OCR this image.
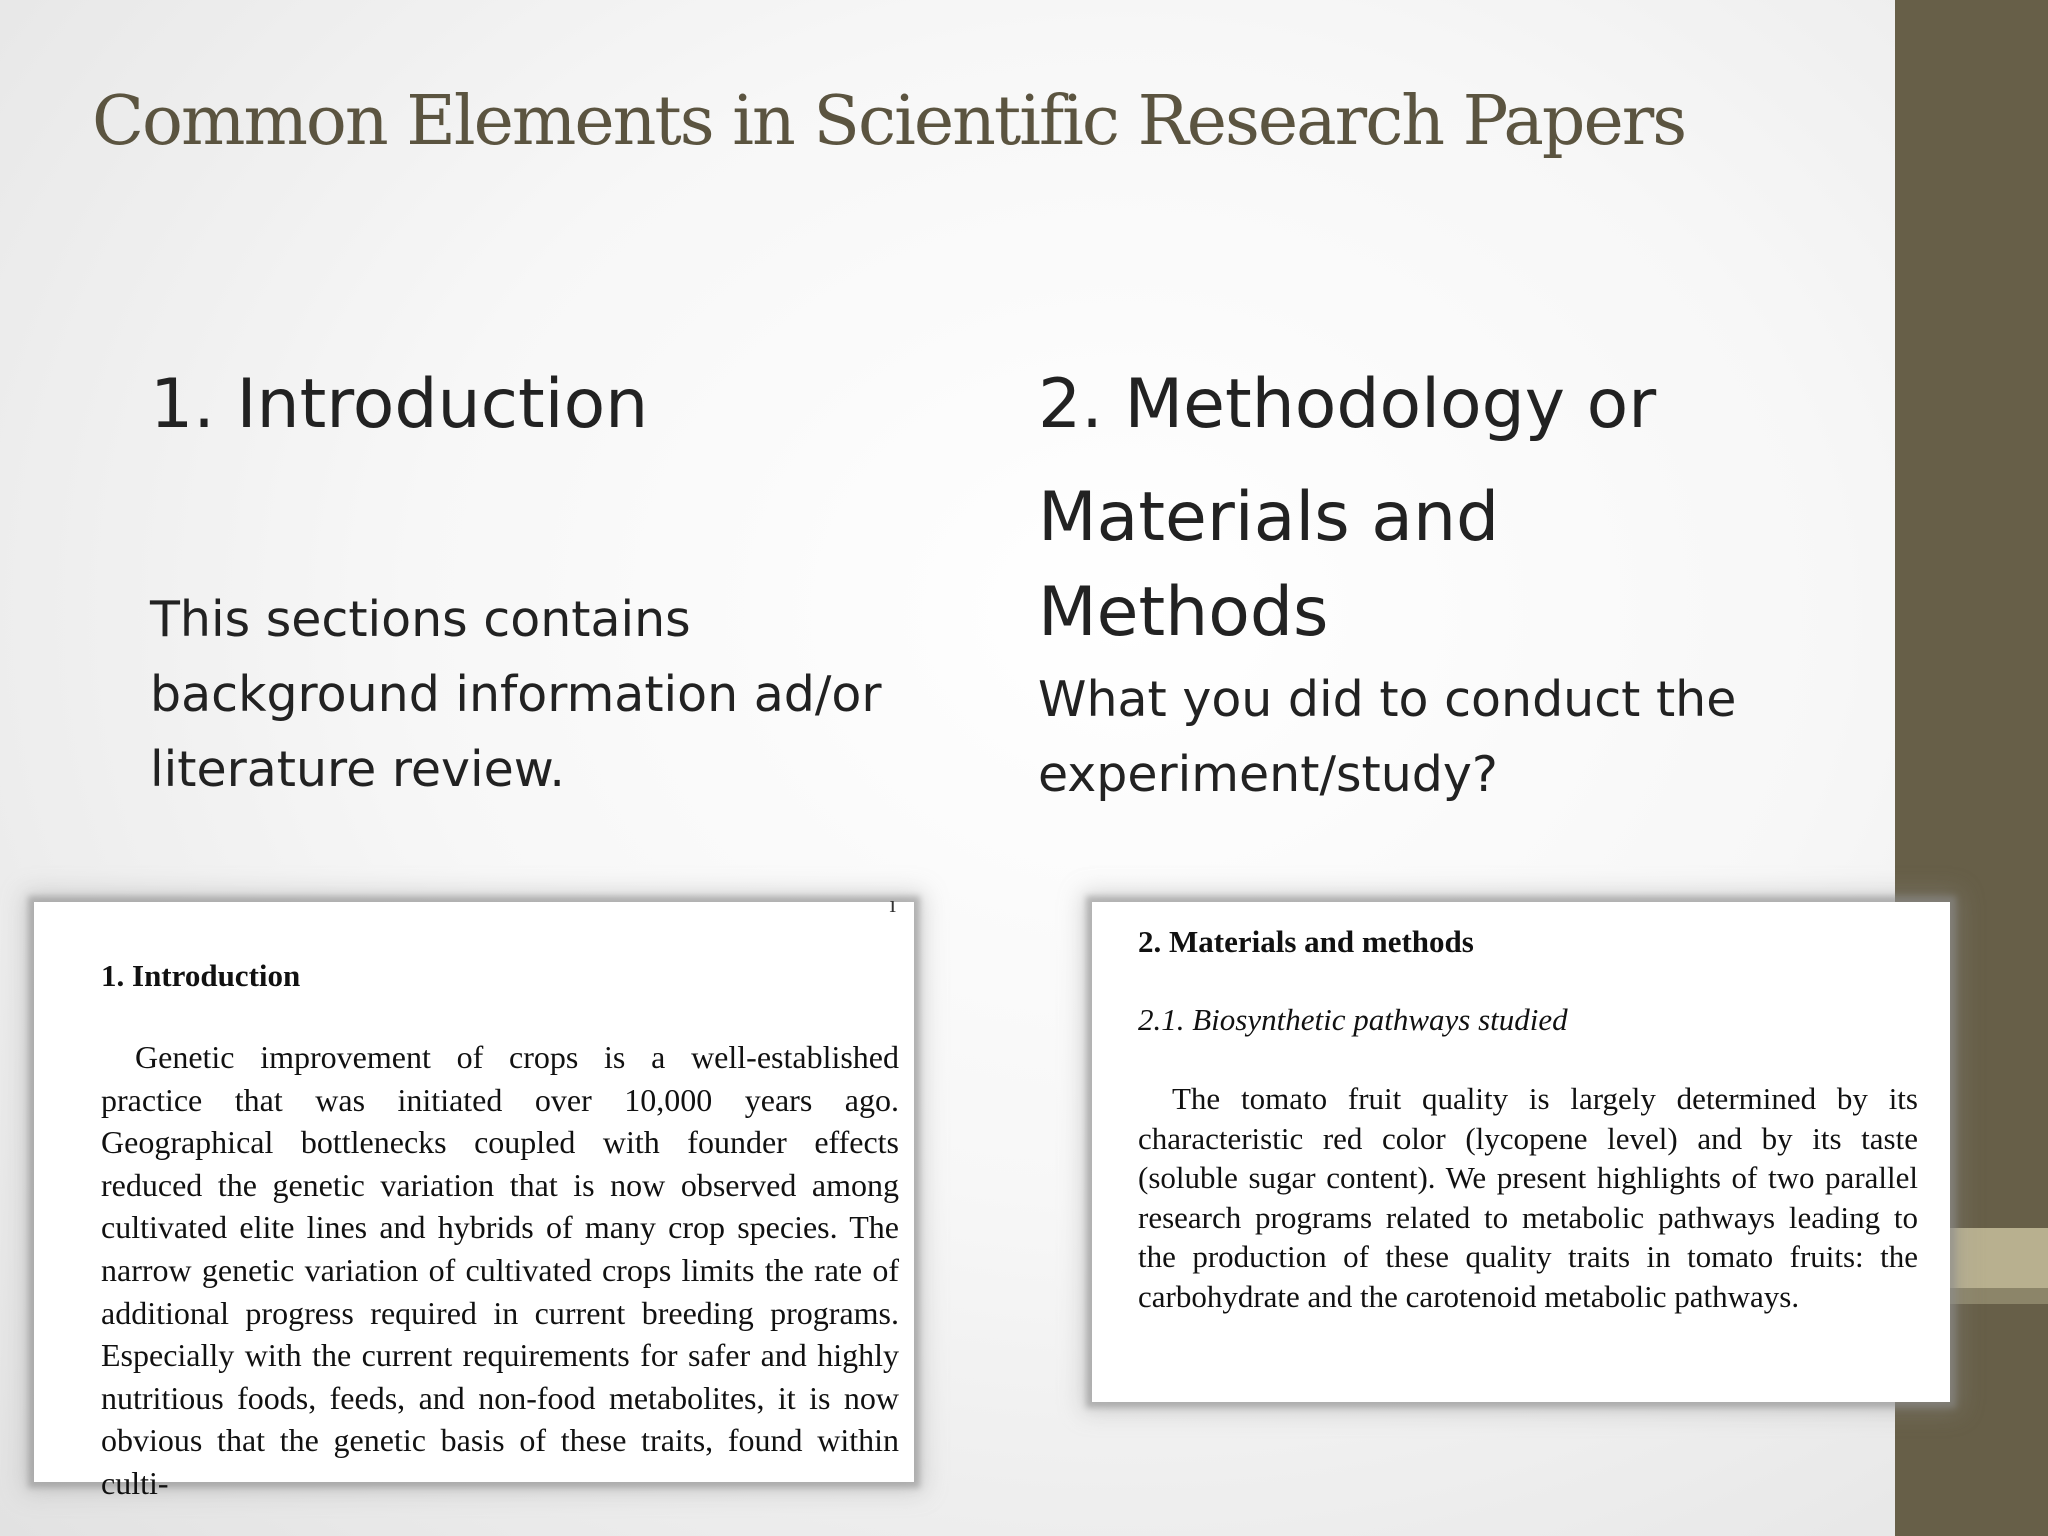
Common Elements in Scientific Research Papers
1. Introduction
This sections contains background information ad/or literature review.
2. Methodology or
Materials and Methods
What you did to conduct the experiment/study?
ı
1. Introduction
Genetic improvement of crops is a well-established practice that was initiated over 10,000 years ago. Geographical bottlenecks coupled with founder effects reduced the genetic variation that is now observed among cultivated elite lines and hybrids of many crop species. The narrow genetic variation of cultivated crops limits the rate of additional progress required in current breeding programs. Especially with the current requirements for safer and highly nutritious foods, feeds, and non-food metabolites, it is now obvious that the genetic basis of these traits, found within culti-
2. Materials and methods
2.1. Biosynthetic pathways studied
The tomato fruit quality is largely determined by its characteristic red color (lycopene level) and by its taste (soluble sugar content). We present highlights of two parallel research programs related to metabolic pathways leading to the production of these quality traits in tomato fruits: the carbohydrate and the carotenoid metabolic pathways.
